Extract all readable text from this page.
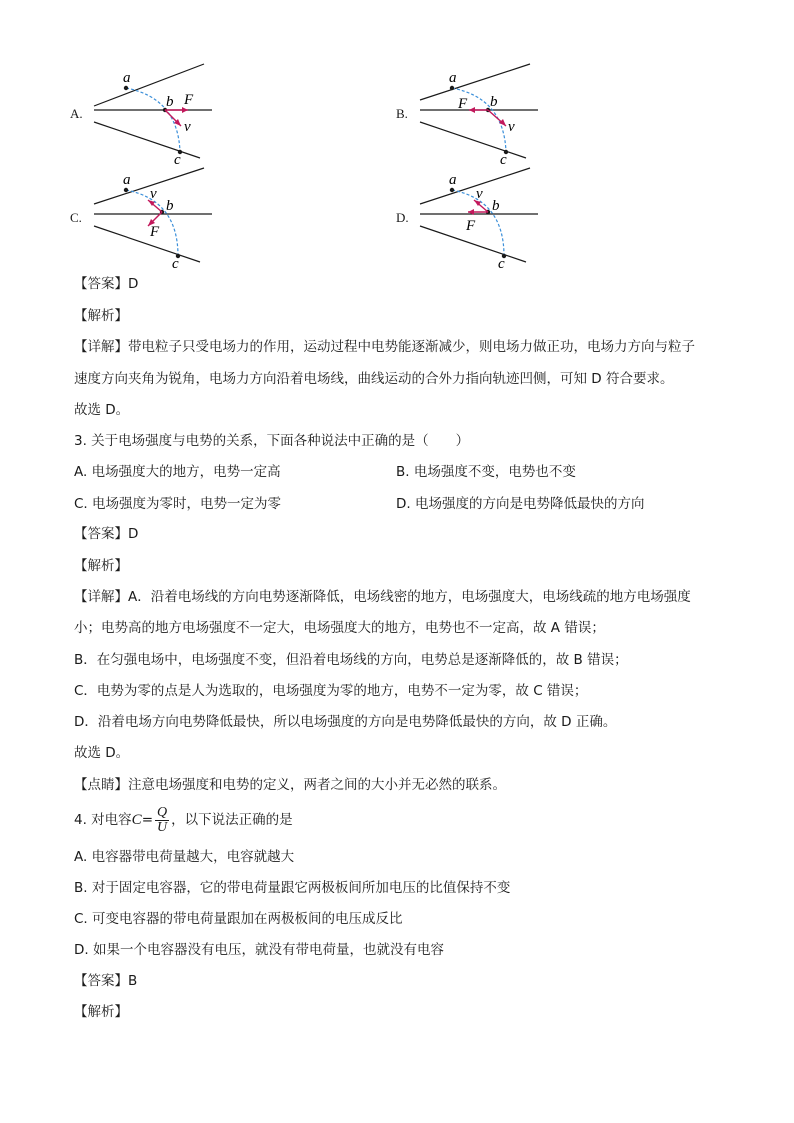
A.
a
b
c
F
v
B.
a
b
c
F
v
C.
a
b
c
F
v
D.
a
b
c
F
v
【答案】D
【解析】
【详解】带电粒子只受电场力的作用，运动过程中电势能逐渐减少，则电场力做正功，电场力方向与粒子
速度方向夹角为锐角，电场力方向沿着电场线，曲线运动的合外力指向轨迹凹侧，可知 D 符合要求。
故选 D。
3. 关于电场强度与电势的关系，下面各种说法中正确的是（　　）
A. 电场强度大的地方，电势一定高	B. 电场强度不变，电势也不变
C. 电场强度为零时，电势一定为零	D. 电场强度的方向是电势降低最快的方向
【答案】D
【解析】
【详解】A．沿着电场线的方向电势逐渐降低，电场线密的地方，电场强度大，电场线疏的地方电场强度
小；电势高的地方电场强度不一定大，电场强度大的地方，电势也不一定高，故 A 错误；
B．在匀强电场中，电场强度不变，但沿着电场线的方向，电势总是逐渐降低的，故 B 错误；
C．电势为零的点是人为选取的，电场强度为零的地方，电势不一定为零，故 C 错误；
D．沿着电场方向电势降低最快，所以电场强度的方向是电势降低最快的方向，故 D 正确。
故选 D。
【点睛】注意电场强度和电势的定义，两者之间的大小并无必然的联系。
4. 对电容$C= \frac{Q}{U}$ ，以下说法正确的是
A. 电容器带电荷量越大，电容就越大
B. 对于固定电容器，它的带电荷量跟它两极板间所加电压的比值保持不变
C. 可变电容器的带电荷量跟加在两极板间的电压成反比
D. 如果一个电容器没有电压，就没有带电荷量，也就没有电容
【答案】B
【解析】
